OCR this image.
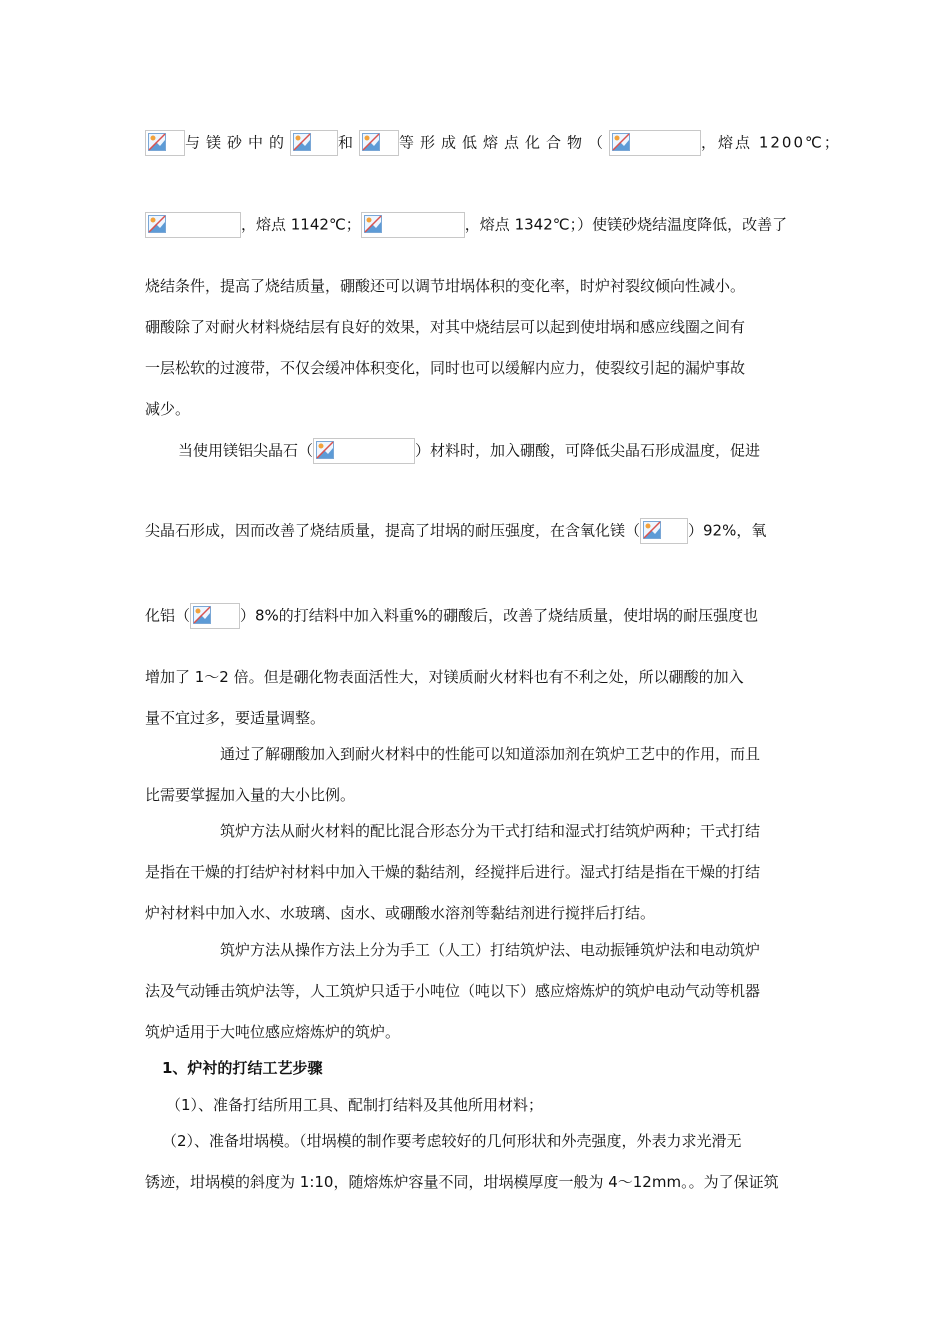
与镁砂中的	和	等形成低熔点化合物（	，熔点 1200℃；
，熔点 1142℃；	，熔点 1342℃；）使镁砂烧结温度降低，改善了
烧结条件，提高了烧结质量，硼酸还可以调节坩埚体积的变化率，时炉衬裂纹倾向性减小。
硼酸除了对耐火材料烧结层有良好的效果，对其中烧结层可以起到使坩埚和感应线圈之间有
一层松软的过渡带，不仅会缓冲体积变化，同时也可以缓解内应力，使裂纹引起的漏炉事故
减少。
当使用镁铝尖晶石（	）材料时，加入硼酸，可降低尖晶石形成温度，促进
尖晶石形成，因而改善了烧结质量，提高了坩埚的耐压强度，在含氧化镁（	）92%，氧
化铝（	）8%的打结料中加入料重%的硼酸后，改善了烧结质量，使坩埚的耐压强度也
增加了 1～2 倍。但是硼化物表面活性大，对镁质耐火材料也有不利之处，所以硼酸的加入
量不宜过多，要适量调整。
通过了解硼酸加入到耐火材料中的性能可以知道添加剂在筑炉工艺中的作用，而且
比需要掌握加入量的大小比例。
筑炉方法从耐火材料的配比混合形态分为干式打结和湿式打结筑炉两种；干式打结
是指在干燥的打结炉衬材料中加入干燥的黏结剂，经搅拌后进行。湿式打结是指在干燥的打结
炉衬材料中加入水、水玻璃、卤水、或硼酸水溶剂等黏结剂进行搅拌后打结。
筑炉方法从操作方法上分为手工（人工）打结筑炉法、电动振锤筑炉法和电动筑炉
法及气动锤击筑炉法等，人工筑炉只适于小吨位（吨以下）感应熔炼炉的筑炉电动气动等机器
筑炉适用于大吨位感应熔炼炉的筑炉。
1、炉衬的打结工艺步骤
（1）、准备打结所用工具、配制打结料及其他所用材料；
（2）、准备坩埚模。（坩埚模的制作要考虑较好的几何形状和外壳强度，外表力求光滑无
锈迹，坩埚模的斜度为 1:10，随熔炼炉容量不同，坩埚模厚度一般为 4～12mm。。为了保证筑
